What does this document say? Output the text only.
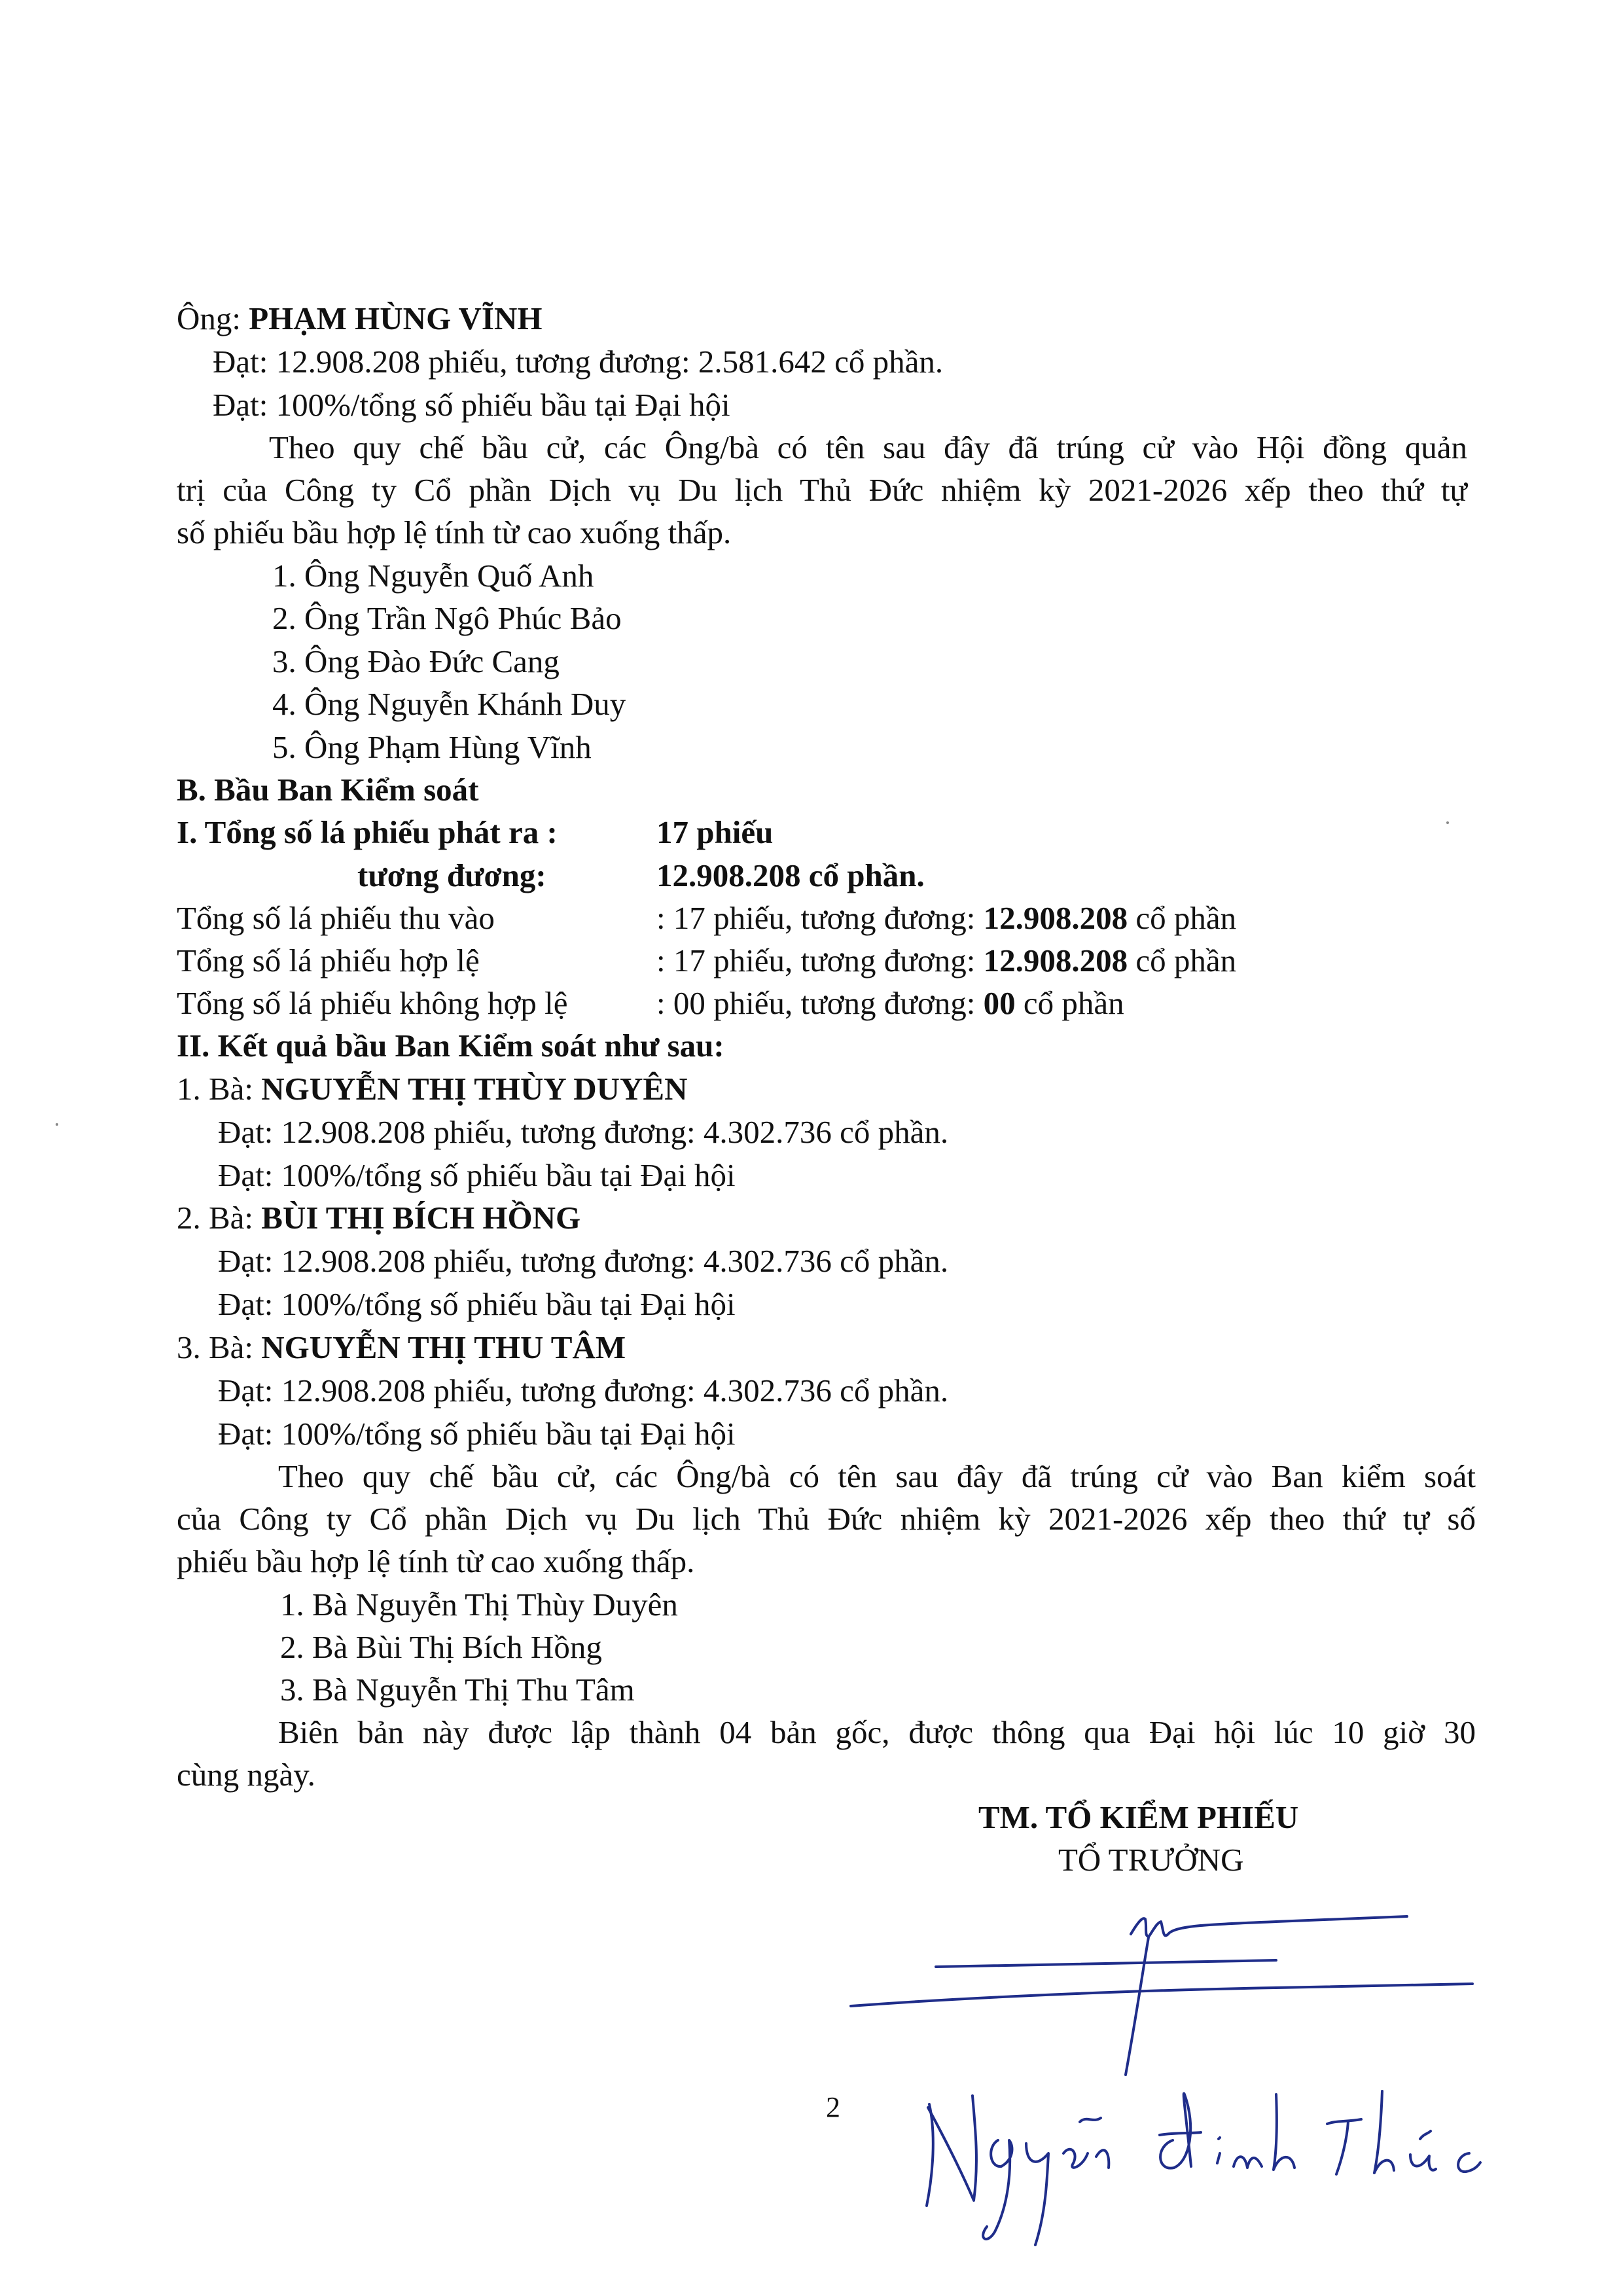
Ông: PHẠM HÙNG VĨNH
Đạt: 12.908.208 phiếu, tương đương: 2.581.642 cổ phần.
Đạt: 100%/tổng số phiếu bầu tại Đại hội
Theo quy chế bầu cử, các Ông/bà có tên sau đây đã trúng cử vào Hội đồng quản
trị của Công ty Cổ phần Dịch vụ Du lịch Thủ Đức nhiệm kỳ 2021-2026 xếp theo thứ tự
số phiếu bầu hợp lệ tính từ cao xuống thấp.
1. Ông Nguyễn Quố Anh
2. Ông Trần Ngô Phúc Bảo
3. Ông Đào Đức Cang
4. Ông Nguyễn Khánh Duy
5. Ông Phạm Hùng Vĩnh
B. Bầu Ban Kiểm soát
I. Tổng số lá phiếu phát ra :	17 phiếu
tương đương:	12.908.208 cổ phần.
Tổng số lá phiếu thu vào	: 17 phiếu, tương đương: 12.908.208 cổ phần
Tổng số lá phiếu hợp lệ	: 17 phiếu, tương đương: 12.908.208 cổ phần
Tổng số lá phiếu không hợp lệ	: 00 phiếu, tương đương: 00 cổ phần
II. Kết quả bầu Ban Kiểm soát như sau:
1. Bà: NGUYỄN THỊ THÙY DUYÊN
Đạt: 12.908.208 phiếu, tương đương: 4.302.736 cổ phần.
Đạt: 100%/tổng số phiếu bầu tại Đại hội
2. Bà: BÙI THỊ BÍCH HỒNG
Đạt: 12.908.208 phiếu, tương đương: 4.302.736 cổ phần.
Đạt: 100%/tổng số phiếu bầu tại Đại hội
3. Bà: NGUYỄN THỊ THU TÂM
Đạt: 12.908.208 phiếu, tương đương: 4.302.736 cổ phần.
Đạt: 100%/tổng số phiếu bầu tại Đại hội
Theo quy chế bầu cử, các Ông/bà có tên sau đây đã trúng cử vào Ban kiểm soát
của Công ty Cổ phần Dịch vụ Du lịch Thủ Đức nhiệm kỳ 2021-2026 xếp theo thứ tự số
phiếu bầu hợp lệ tính từ cao xuống thấp.
1. Bà Nguyễn Thị Thùy Duyên
2. Bà Bùi Thị Bích Hồng
3. Bà Nguyễn Thị Thu Tâm
Biên bản này được lập thành 04 bản gốc, được thông qua Đại hội lúc 10 giờ 30
cùng ngày.
TM. TỔ KIỂM PHIẾU
TỔ TRƯỞNG
2
